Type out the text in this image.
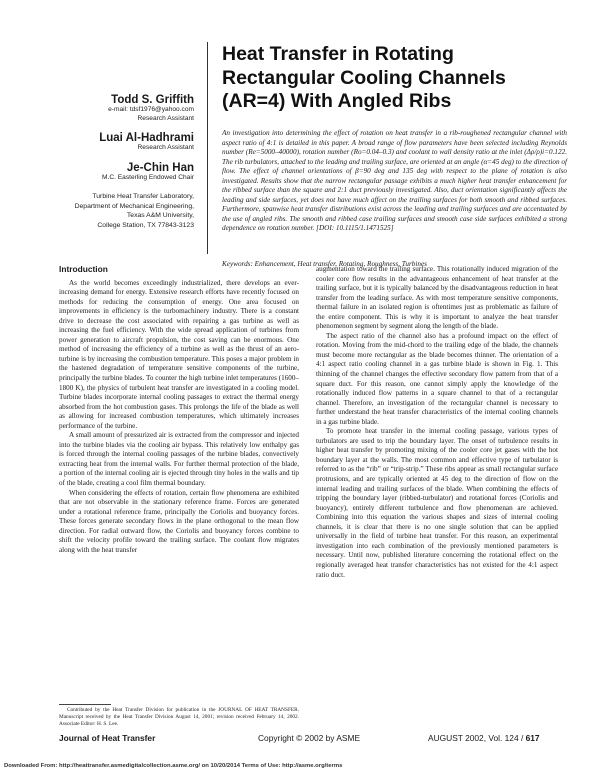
Heat Transfer in Rotating Rectangular Cooling Channels (AR=4) With Angled Ribs
Todd S. Griffith
e-mail: tdsf1976@yahoo.com
Research Assistant
Luai Al-Hadhrami
Research Assistant
Je-Chin Han
M.C. Easterling Endowed Chair
Turbine Heat Transfer Laboratory,
Department of Mechanical Engineering,
Texas A&M University,
College Station, TX 77843-3123
An investigation into determining the effect of rotation on heat transfer in a rib-roughened rectangular channel with aspect ratio of 4:1 is detailed in this paper. A broad range of flow parameters have been selected including Reynolds number (Re=5000–40000), rotation number (Ro=0.04–0.3) and coolant to wall density ratio at the inlet (Δρ/ρ)i=0.122. The rib turbulators, attached to the leading and trailing surface, are oriented at an angle (α=45 deg) to the direction of flow. The effect of channel orientations of β=90 deg and 135 deg with respect to the plane of rotation is also investigated. Results show that the narrow rectangular passage exhibits a much higher heat transfer enhancement for the ribbed surface than the square and 2:1 duct previously investigated. Also, duct orientation significantly affects the leading and side surfaces, yet does not have much affect on the trailing surfaces for both smooth and ribbed surfaces. Furthermore, spanwise heat transfer distributions exist across the leading and trailing surfaces and are accentuated by the use of angled ribs. The smooth and ribbed case trailing surfaces and smooth case side surfaces exhibited a strong dependence on rotation number. [DOI: 10.1115/1.1471525]
Keywords: Enhancement, Heat transfer, Rotating, Roughness, Turbines
Introduction

As the world becomes exceedingly industrialized, there develops an ever-increasing demand for energy. Extensive research efforts have recently focused on methods for reducing the consumption of energy. One area focused on improvements in efficiency is the turbomachinery industry. There is a constant drive to decrease the cost associated with repairing a gas turbine as well as increasing the fuel efficiency. With the wide spread application of turbines from power generation to aircraft propulsion, the cost saving can be enormous. One method of increasing the efficiency of a turbine as well as the thrust of an aero-turbine is by increasing the combustion temperature. This poses a major problem in the hastened degradation of temperature sensitive components of the turbine, principally the turbine blades. To counter the high turbine inlet temperatures (1600–1800 K), the physics of turbulent heat transfer are investigated in a cooling model. Turbine blades incorporate internal cooling passages to extract the thermal energy absorbed from the hot combustion gases. This prolongs the life of the blade as well as allowing for increased combustion temperatures, which ultimately increases performance of the turbine.

A small amount of pressurized air is extracted from the compressor and injected into the turbine blades via the cooling air bypass. This relatively low enthalpy gas is forced through the internal cooling passages of the turbine blades, convectively extracting heat from the internal walls. For further thermal protection of the blade, a portion of the internal cooling air is ejected through tiny holes in the walls and tip of the blade, creating a cool film thermal boundary.

When considering the effects of rotation, certain flow phenomena are exhibited that are not observable in the stationary reference frame. Forces are generated under a rotational reference frame, principally the Coriolis and buoyancy forces. These forces generate secondary flows in the plane orthogonal to the mean flow direction. For radial outward flow, the Coriolis and buoyancy forces combine to shift the velocity profile toward the trailing surface. The coolant flow migrates along with the heat transfer

augmentation toward the trailing surface. This rotationally induced migration of the cooler core flow results in the advantageous enhancement of heat transfer at the trailing surface, but it is typically balanced by the disadvantageous reduction in heat transfer from the leading surface. As with most temperature sensitive components, thermal failure in an isolated region is oftentimes just as problematic as failure of the entire component. This is why it is important to analyze the heat transfer phenomenon segment by segment along the length of the blade.

The aspect ratio of the channel also has a profound impact on the effect of rotation. Moving from the mid-chord to the trailing edge of the blade, the channels must become more rectangular as the blade becomes thinner. The orientation of a 4:1 aspect ratio cooling channel in a gas turbine blade is shown in Fig. 1. This thinning of the channel changes the effective secondary flow pattern from that of a square duct. For this reason, one cannot simply apply the knowledge of the rotationally induced flow patterns in a square channel to that of a rectangular channel. Therefore, an investigation of the rectangular channel is necessary to further understand the heat transfer characteristics of the internal cooling channels in a gas turbine blade.

To promote heat transfer in the internal cooling passage, various types of turbulators are used to trip the boundary layer. The onset of turbulence results in higher heat transfer by promoting mixing of the cooler core jet gases with the hot boundary layer at the walls. The most common and effective type of turbulator is referred to as the “rib” or “trip-strip.” These ribs appear as small rectangular surface protrusions, and are typically oriented at 45 deg to the direction of flow on the internal leading and trailing surfaces of the blade. When combining the effects of tripping the boundary layer (ribbed-turbulator) and rotational forces (Coriolis and buoyancy), entirely different turbulence and flow phenomenan are achieved. Combining into this equation the various shapes and sizes of internal cooling channels, it is clear that there is no one single solution that can be applied universally in the field of turbine heat transfer. For this reason, an experimental investigation into each combination of the previously mentioned parameters is necessary. Until now, published literature concerning the rotational effect on the regionally averaged heat transfer characteristics has not existed for the 4:1 aspect ratio duct.

Contributed by the Heat Transfer Division for publication in the JOURNAL OF HEAT TRANSFER. Manuscript received by the Heat Transfer Division August 14, 2001; revision received February 14, 2002. Associate Editor: H. S. Lee.
Journal of Heat Transfer	Copyright © 2002 by ASME	AUGUST 2002, Vol. 124 / 617
Downloaded From: http://heattransfer.asmedigitalcollection.asme.org/ on 10/20/2014 Terms of Use: http://asme.org/terms
